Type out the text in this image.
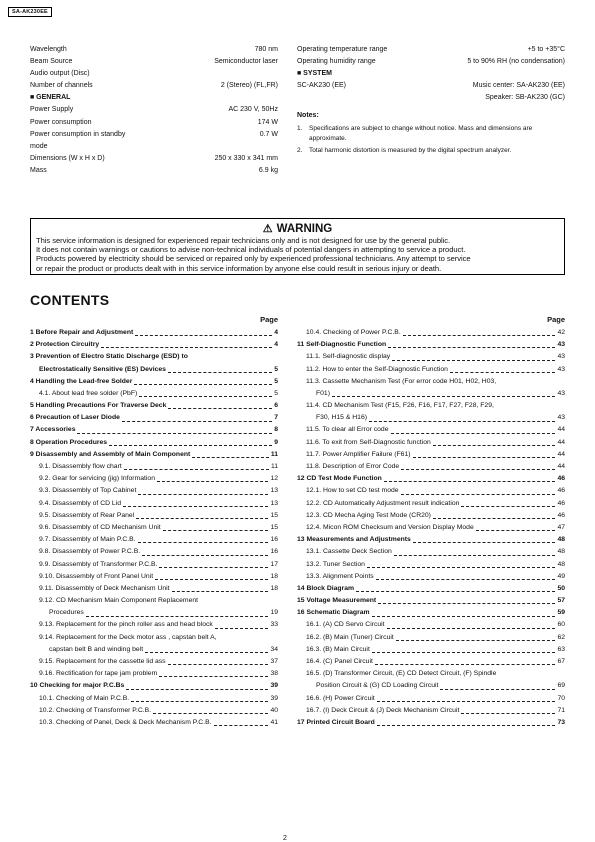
SA-AK230EE
Wavelength	780 nm
Beam Source	Semiconductor laser
Audio output (Disc)
Number of channels	2 (Stereo) (FL,FR)
■ GENERAL
Power Supply	AC 230 V, 50Hz
Power consumption	174 W
Power consumption in standby	0.7 W
mode
Dimensions (W x H x D)	250 x 330 x 341 mm
Mass	6.9 kg
Operating temperature range	+5 to +35°C
Operating humidity range	5 to 90% RH (no condensation)
■ SYSTEM
SC-AK230 (EE)	Music center: SA-AK230 (EE)
Speaker: SB-AK230 (GC)
Notes:
1.	Specifications are subject to change without notice. Mass and dimensions are approximate.
2.	Total harmonic distortion is measured by the digital spectrum analyzer.
⚠ WARNING
This service information is designed for experienced repair technicians only and is not designed for use by the general public.
It does not contain warnings or cautions to advise non-technical individuals of potential dangers in attempting to service a product.
Products powered by electricity should be serviced or repaired only by experienced professional technicians. Any attempt to service
or repair the product or products dealt with in this service information by anyone else could result in serious injury or death.
CONTENTS
Page
1 Before Repair and Adjustment	4
2 Protection Circuitry	4
3 Prevention of Electro Static Discharge (ESD) to
Electrostatically Sensitive (ES) Devices	5
4 Handling the Lead-free Solder	5
4.1. About lead free solder (PbF)	5
5 Handling Precautions For Traverse Deck	6
6 Precaution of Laser Diode	7
7 Accessories	8
8 Operation Procedures	9
9 Disassembly and Assembly of Main Component	11
9.1. Disassembly flow chart	11
9.2. Gear for servicing (jig) Information	12
9.3. Disassembly of Top Cabinet	13
9.4. Disassembly of CD Lid	13
9.5. Disassembly of Rear Panel	15
9.6. Disassembly of CD Mechanism Unit	15
9.7. Disassembly of Main P.C.B.	16
9.8. Disassembly of Power P.C.B.	16
9.9. Disassembly of Transformer P.C.B.	17
9.10. Disassembly of Front Panel Unit	18
9.11. Disassembly of Deck Mechanism Unit	18
9.12. CD Mechanism Main Component Replacement
Procedures	19
9.13. Replacement for the pinch roller ass and head block	33
9.14. Replacement for the Deck motor ass , capstan belt A,
capstan belt B and winding belt	34
9.15. Replacement for the cassette lid ass	37
9.16. Rectification for tape jam problem	38
10 Checking for major P.C.Bs	39
10.1. Checking of Main P.C.B.	39
10.2. Checking of Transformer P.C.B.	40
10.3. Checking of Panel, Deck & Deck Mechanism P.C.B.	41
Page
10.4. Checking of Power P.C.B.	42
11 Self-Diagnostic Function	43
11.1. Self-diagnostic display	43
11.2. How to enter the Self-Diagnostic Function	43
11.3. Cassette Mechanism Test (For error code H01, H02, H03,
F01)	43
11.4. CD Mechanism Test (F15, F26, F16, F17, F27, F28, F29,
F30, H15 & H16)	43
11.5. To clear all Error code	44
11.6. To exit from Self-Diagnostic function	44
11.7. Power Amplifier Failure (F61)	44
11.8. Description of Error Code	44
12 CD Test Mode Function	46
12.1. How to set CD test mode	46
12.2. CD Automatically Adjustment result indication	46
12.3. CD Mecha Aging Test Mode (CR20)	46
12.4. Micon ROM Checksum and Version Display Mode	47
13 Measurements and Adjustments	48
13.1. Cassette Deck Section	48
13.2. Tuner Section	48
13.3. Alignment Points	49
14 Block Diagram	50
15 Voltage Measurement	57
16 Schematic Diagram	59
16.1. (A) CD Servo Circuit	60
16.2. (B) Main (Tuner) Circuit	62
16.3. (B) Main Circuit	63
16.4. (C) Panel Circuit	67
16.5. (D) Transformer Circuit, (E) CD Detect Circuit, (F) Spindle
Position Circuit & (G) CD Loading Circuit	69
16.6. (H) Power Circuit	70
16.7. (I) Deck Circuit & (J) Deck Mechanism Circuit	71
17 Printed Circuit Board	73
2
